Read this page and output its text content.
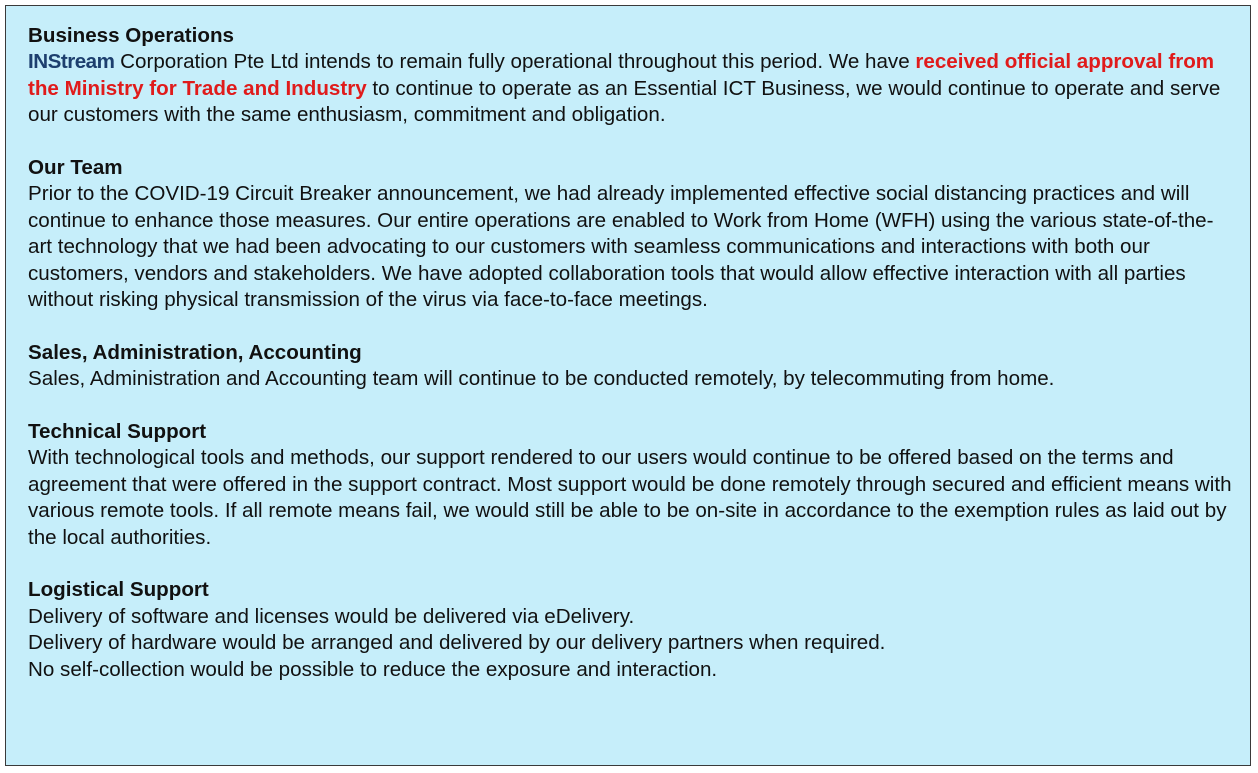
Business Operations
INStream Corporation Pte Ltd intends to remain fully operational throughout this period. We have received official approval from the Ministry for Trade and Industry to continue to operate as an Essential ICT Business, we would continue to operate and serve our customers with the same enthusiasm, commitment and obligation.
Our Team
Prior to the COVID-19 Circuit Breaker announcement, we had already implemented effective social distancing practices and will continue to enhance those measures. Our entire operations are enabled to Work from Home (WFH) using the various state-of-the-art technology that we had been advocating to our customers with seamless communications and interactions with both our customers, vendors and stakeholders. We have adopted collaboration tools that would allow effective interaction with all parties without risking physical transmission of the virus via face-to-face meetings.
Sales, Administration, Accounting
Sales, Administration and Accounting team will continue to be conducted remotely, by telecommuting from home.
Technical Support
With technological tools and methods, our support rendered to our users would continue to be offered based on the terms and agreement that were offered in the support contract. Most support would be done remotely through secured and efficient means with various remote tools. If all remote means fail, we would still be able to be on-site in accordance to the exemption rules as laid out by the local authorities.
Logistical Support
Delivery of software and licenses would be delivered via eDelivery.
Delivery of hardware would be arranged and delivered by our delivery partners when required.
No self-collection would be possible to reduce the exposure and interaction.
